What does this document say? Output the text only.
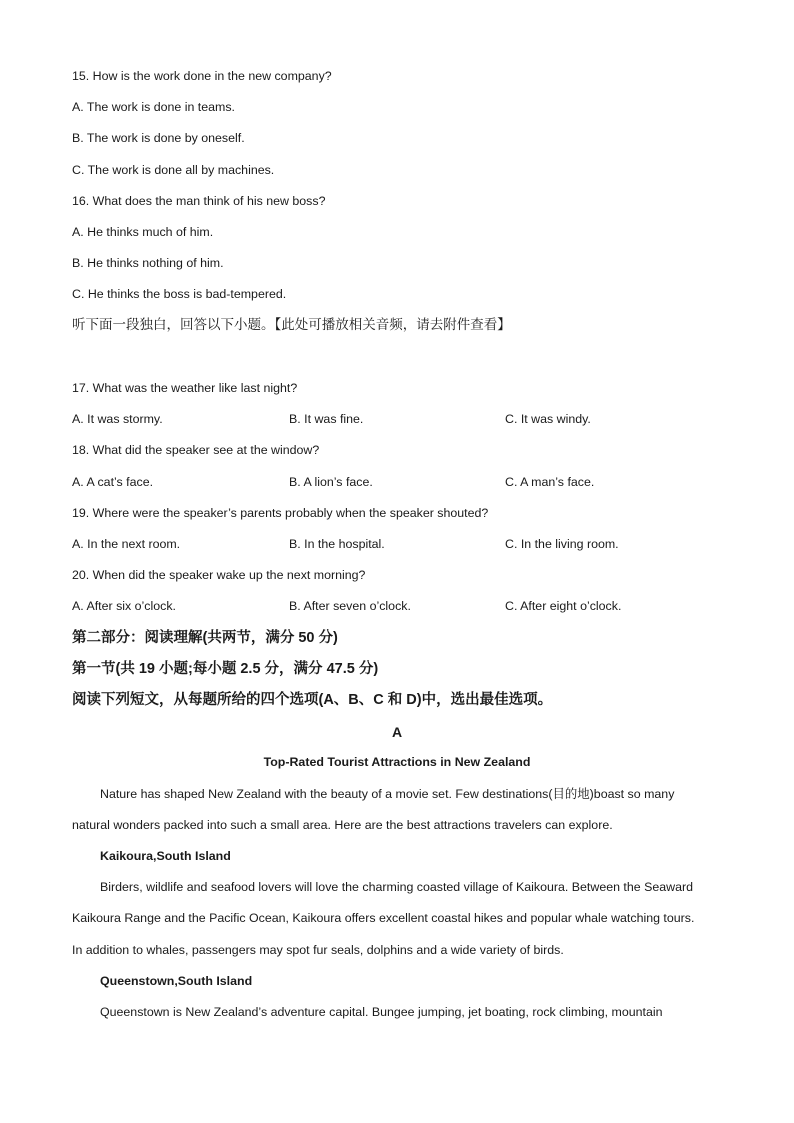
15. How is the work done in the new company?
A. The work is done in teams.
B. The work is done by oneself.
C. The work is done all by machines.
16. What does the man think of his new boss?
A. He thinks much of him.
B. He thinks nothing of him.
C. He thinks the boss is bad-tempered.
听下面一段独白，回答以下小题。【此处可播放相关音频，请去附件查看】
17. What was the weather like last night?
A. It was stormy.	B. It was fine.	C. It was windy.
18. What did the speaker see at the window?
A. A cat’s face.	B. A lion’s face.	C. A man’s face.
19. Where were the speaker’s parents probably when the speaker shouted?
A. In the next room.	B. In the hospital.	C. In the living room.
20. When did the speaker wake up the next morning?
A. After six o’clock.	B. After seven o’clock.	C. After eight o’clock.
第二部分：阅读理解(共两节，满分 50 分)
第一节(共 19 小题;每小题 2.5 分，满分 47.5 分)
阅读下列短文，从每题所给的四个选项(A、B、C 和 D)中，选出最佳选项。
A
Top-Rated Tourist Attractions in New Zealand
Nature has shaped New Zealand with the beauty of a movie set. Few destinations(目的地)boast so many
natural wonders packed into such a small area. Here are the best attractions travelers can explore.
Kaikoura,South Island
Birders, wildlife and seafood lovers will love the charming coasted village of Kaikoura. Between the Seaward
Kaikoura Range and the Pacific Ocean, Kaikoura offers excellent coastal hikes and popular whale watching tours.
In addition to whales, passengers may spot fur seals, dolphins and a wide variety of birds.
Queenstown,South Island
Queenstown is New Zealand’s adventure capital. Bungee jumping, jet boating, rock climbing, mountain
